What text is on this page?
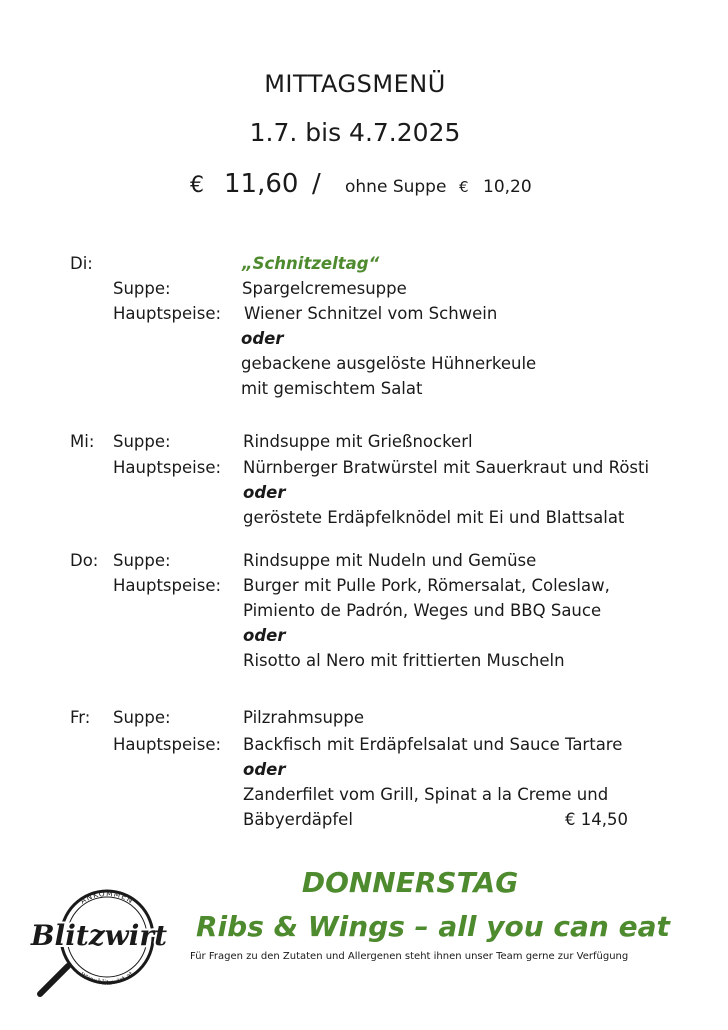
MITTAGSMENÜ
1.7. bis 4.7.2025
€ 11,60 / ohne Suppe € 10,20
Di:	„Schnitzeltag“
Suppe:	Spargelcremesuppe
Hauptspeise: Wiener Schnitzel vom Schwein
oder
gebackene ausgelöste Hühnerkeule
mit gemischtem Salat
Mi: Suppe:	Rindsuppe mit Grießnockerl
Hauptspeise: Nürnberger Bratwürstel mit Sauerkraut und Rösti
oder
geröstete Erdäpfelknödel mit Ei und Blattsalat
Do: Suppe:	Rindsuppe mit Nudeln und Gemüse
Hauptspeise: Burger mit Pulle Pork, Römersalat, Coleslaw,
Pimiento de Padrón, Weges und BBQ Sauce
oder
Risotto al Nero mit frittierten Muscheln
Fr: Suppe:	Pilzrahmsuppe
Hauptspeise: Backfisch mit Erdäpfelsalat und Sauce Tartare
oder
Zanderfilet vom Grill, Spinat a la Creme und
Bäbyerdäpfel	€ 14,50
DONNERSTAG
Ribs & Wings – all you can eat
Für Fragen zu den Zutaten und Allergenen steht ihnen unser Team gerne zur Verfügung
ANKOMMEN
www.blitzwirt.at
Blitzwirt
